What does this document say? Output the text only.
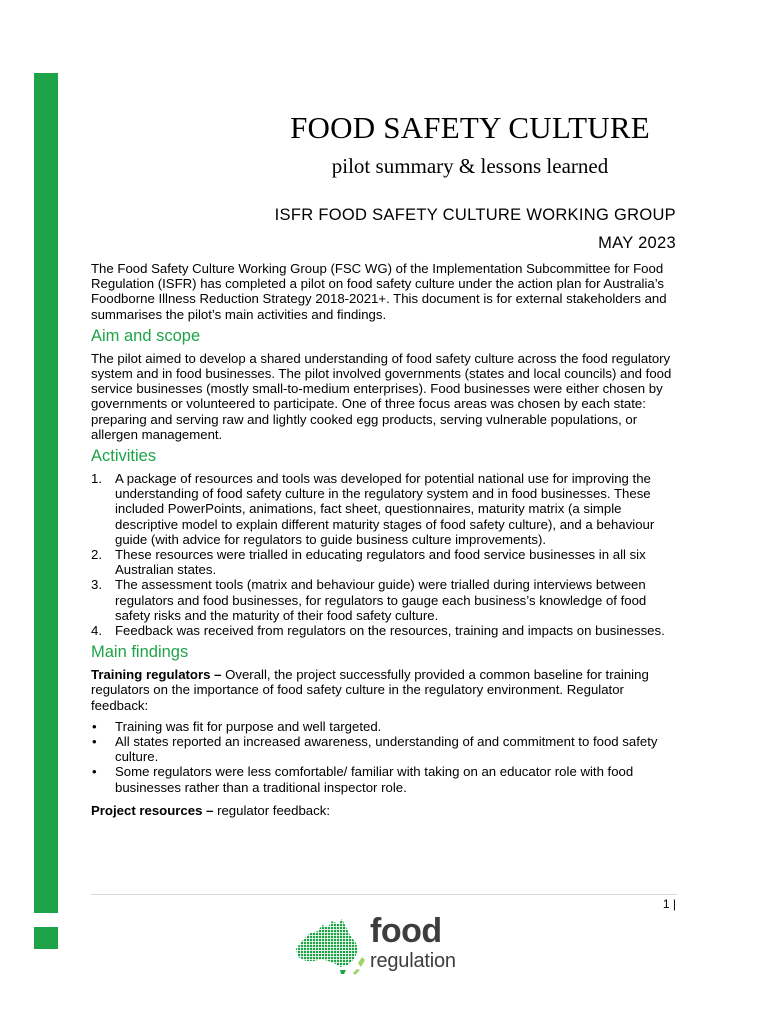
FOOD SAFETY CULTURE
pilot summary & lessons learned
ISFR FOOD SAFETY CULTURE WORKING GROUP
MAY 2023

The Food Safety Culture Working Group (FSC WG) of the Implementation Subcommittee for Food Regulation (ISFR) has completed a pilot on food safety culture under the action plan for Australia’s Foodborne Illness Reduction Strategy 2018-2021+. This document is for external stakeholders and summarises the pilot’s main activities and findings.

Aim and scope

The pilot aimed to develop a shared understanding of food safety culture across the food regulatory system and in food businesses. The pilot involved governments (states and local councils) and food service businesses (mostly small-to-medium enterprises). Food businesses were either chosen by governments or volunteered to participate. One of three focus areas was chosen by each state: preparing and serving raw and lightly cooked egg products, serving vulnerable populations, or allergen management.

Activities
1. A package of resources and tools was developed for potential national use for improving the understanding of food safety culture in the regulatory system and in food businesses. These included PowerPoints, animations, fact sheet, questionnaires, maturity matrix (a simple descriptive model to explain different maturity stages of food safety culture), and a behaviour guide (with advice for regulators to guide business culture improvements).
2. These resources were trialled in educating regulators and food service businesses in all six Australian states.
3. The assessment tools (matrix and behaviour guide) were trialled during interviews between regulators and food businesses, for regulators to gauge each business’s knowledge of food safety risks and the maturity of their food safety culture.
4. Feedback was received from regulators on the resources, training and impacts on businesses.
Main findings

Training regulators – Overall, the project successfully provided a common baseline for training regulators on the importance of food safety culture in the regulatory environment. Regulator feedback:

• Training was fit for purpose and well targeted.
• All states reported an increased awareness, understanding of and commitment to food safety culture.
• Some regulators were less comfortable/ familiar with taking on an educator role with food businesses rather than a traditional inspector role.

Project resources – regulator feedback:

1 |
food
regulation
